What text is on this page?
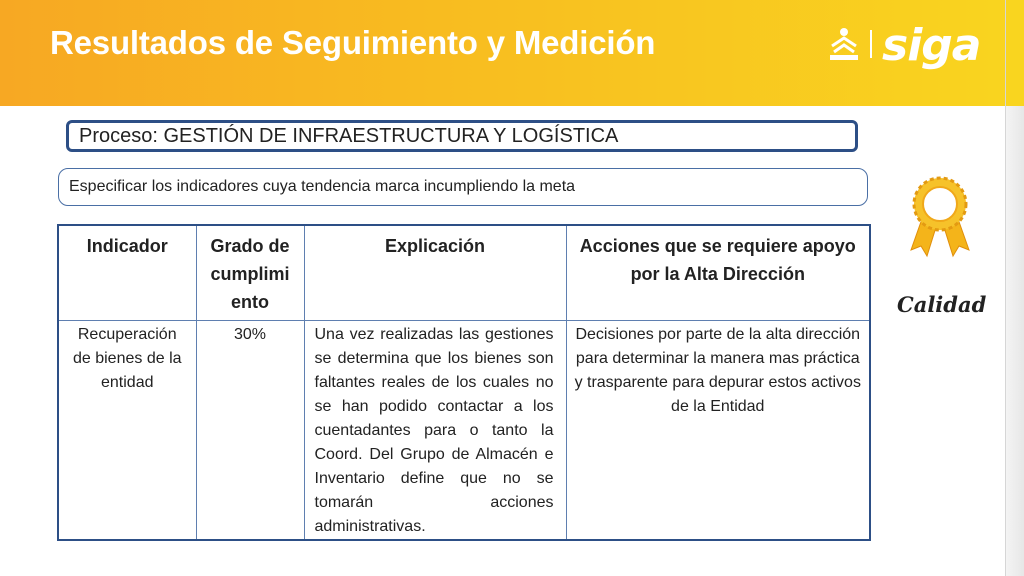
Resultados de Seguimiento y Medición	siga
Proceso: GESTIÓN DE INFRAESTRUCTURA Y LOGÍSTICA
Especificar los indicadores cuya tendencia marca incumpliendo la meta
Indicador	Grado de cumplimi ento	Explicación	Acciones que se requiere apoyo por la Alta Dirección
Recuperación de bienes de la entidad	30%	Una vez realizadas las gestiones se determina que los bienes son faltantes reales de los cuales no se han podido contactar a los cuentadantes para o tanto la Coord. Del Grupo de Almacén e Inventario define que no se tomarán acciones administrativas.	Decisiones por parte de la alta dirección para determinar la manera mas práctica y trasparente para depurar estos activos de la Entidad
Calidad
